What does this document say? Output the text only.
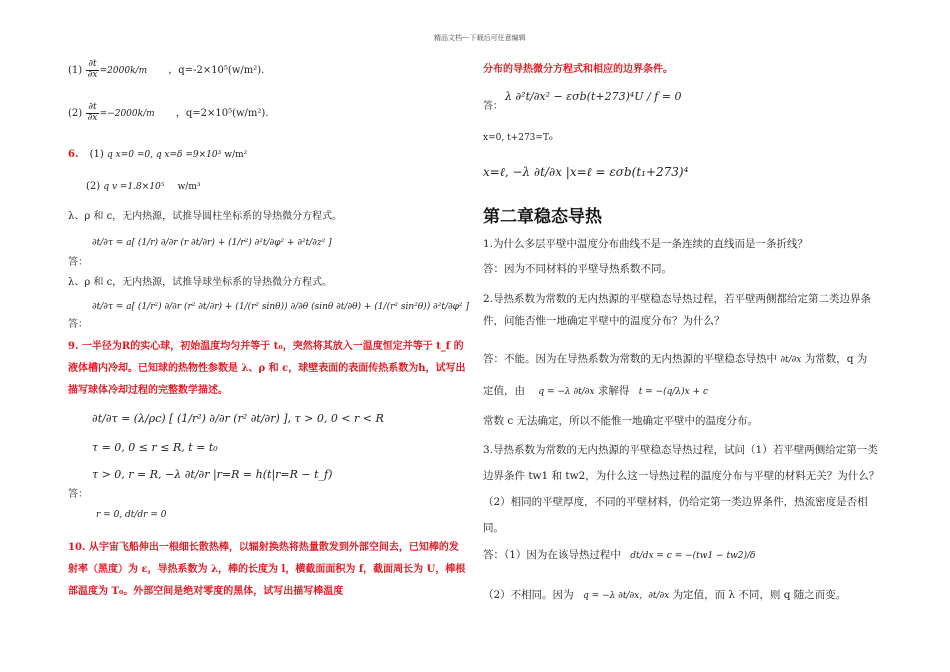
精品文档---下载后可任意编辑
$(1) \frac{\partial t}{\partial x} =2000k/m$ ，q=-2×10⁵(w/m²).
$(2) \frac{\partial t}{\partial x} =-2000k/m$ ，q=2×10⁵(w/m²).
6. (1) q x=0 =0, q x=δ =9×10³ w/m²
(2) q v =1.8×10⁵ w/m³
λ、ρ 和 c，无内热源，试推导圆柱坐标系的导热微分方程式。
∂t/∂τ = a[ (1/r) ∂/∂r (r ∂t/∂r) + (1/r²) ∂²t/∂φ² + ∂²t/∂z² ]
答：
λ、ρ 和 c，无内热源，试推导球坐标系的导热微分方程式。
∂t/∂τ = a[ (1/r²) ∂/∂r (r² ∂t/∂r) + (1/(r² sinθ)) ∂/∂θ (sinθ ∂t/∂θ) + (1/(r² sin²θ)) ∂²t/∂φ² ]
答：
9. 一半径为R的实心球，初始温度均匀并等于 t₀，突然将其放入一温度恒定并等于 t_f 的液体槽内冷却。已知球的热物性参数是 λ、ρ 和 c，球壁表面的表面传热系数为h，试写出描写球体冷却过程的完整数学描述。
∂t/∂τ = (λ/ρc) [ (1/r²) ∂/∂r (r² ∂t/∂r) ], τ > 0, 0 < r < R
τ = 0, 0 ≤ r ≤ R, t = t₀
τ > 0, r = R, −λ ∂t/∂r |r=R = h(t|r=R − t_f)
答：
r = 0, dt/dr = 0
10. 从宇宙飞船伸出一根细长散热棒，以辐射换热将热量散发到外部空间去，已知棒的发射率（黑度）为 ε，导热系数为 λ，棒的长度为 l，横截面面积为 f，截面周长为 U，棒根部温度为 T₀。外部空间是绝对零度的黑体，试写出描写棒温度
分布的导热微分方程式和相应的边界条件。
答：
λ ∂²t/∂x² − εσb(t+273)⁴U / f = 0
x=0, t+273=T₀
x=ℓ, −λ ∂t/∂x |x=ℓ = εσb(t₁+273)⁴
第二章稳态导热
1.为什么多层平壁中温度分布曲线不是一条连续的直线而是一条折线？
答：因为不同材料的平壁导热系数不同。
2.导热系数为常数的无内热源的平壁稳态导热过程，若平壁两侧都给定第二类边界条件，问能否惟一地确定平壁中的温度分布？为什么？
答：不能。因为在导热系数为常数的无内热源的平壁稳态导热中 ∂t/∂x 为常数，q 为
定值，由 q = −λ ∂t/∂x 求解得 t = −(q/λ)x + c
常数 c 无法确定，所以不能惟一地确定平壁中的温度分布。
3.导热系数为常数的无内热源的平壁稳态导热过程，试问（1）若平壁两侧给定第一类边界条件 tw1 和 tw2，为什么这一导热过程的温度分布与平壁的材料无关？为什么？（2）相同的平壁厚度，不同的平壁材料，仍给定第一类边界条件，热流密度是否相同。
答：（1）因为在该导热过程中 dt/dx = c = −(tw1 − tw2)/δ
（2）不相同。因为 q = −λ ∂t/∂x，∂t/∂x 为定值，而 λ 不同，则 q 随之而变。
